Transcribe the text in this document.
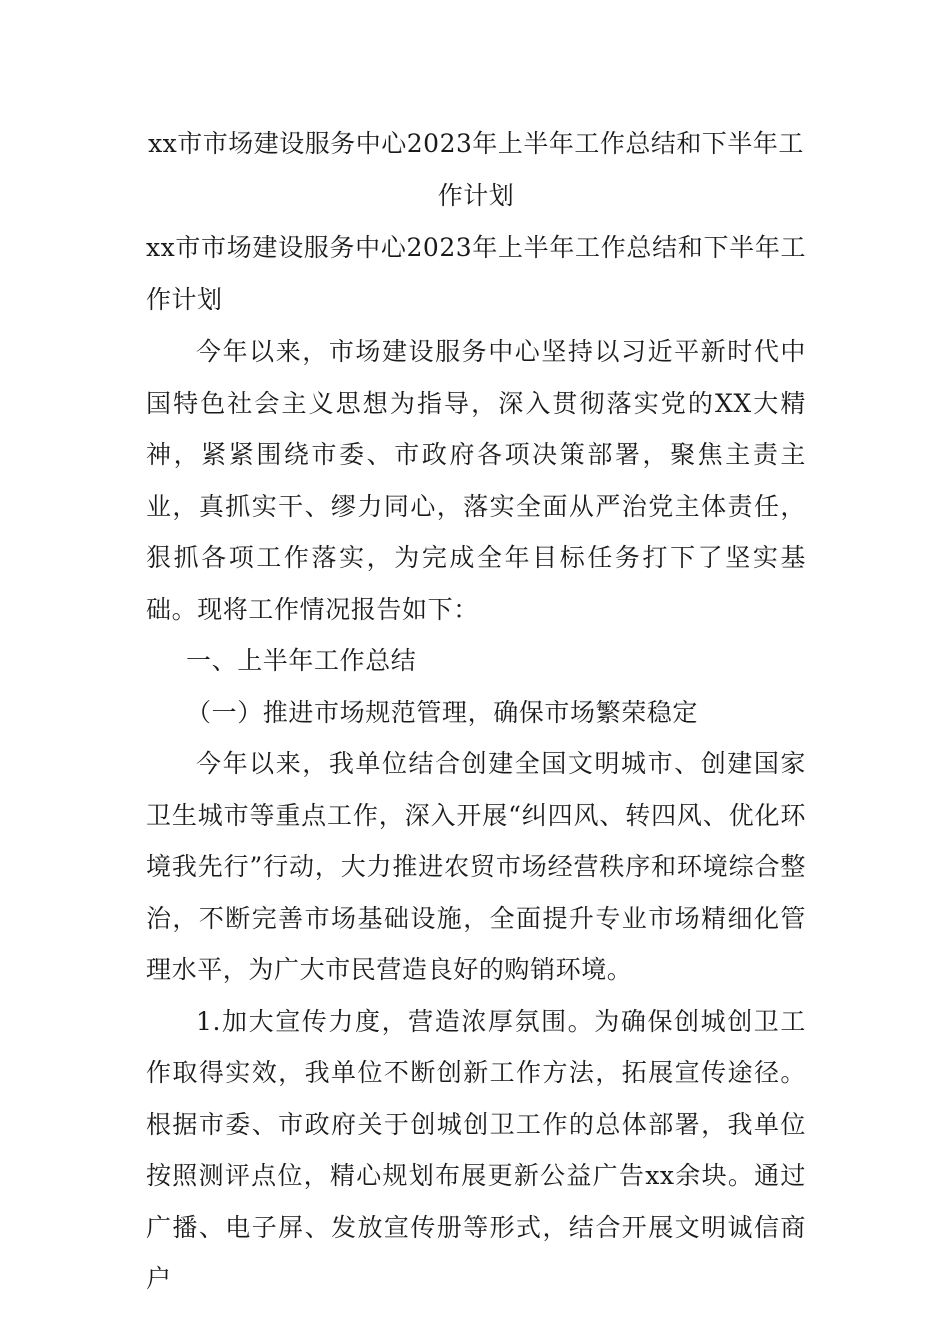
xx市市场建设服务中心2023年上半年工作总结和下半年工作计划
xx市市场建设服务中心2023年上半年工作总结和下半年工作计划

今年以来，市场建设服务中心坚持以习近平新时代中国特色社会主义思想为指导，深入贯彻落实党的XX大精神，紧紧围绕市委、市政府各项决策部署，聚焦主责主业，真抓实干、缪力同心，落实全面从严治党主体责任，狠抓各项工作落实，为完成全年目标任务打下了坚实基础。现将工作情况报告如下：

一、上半年工作总结

（一）推进市场规范管理，确保市场繁荣稳定

今年以来，我单位结合创建全国文明城市、创建国家卫生城市等重点工作，深入开展“纠四风、转四风、优化环境我先行”行动，大力推进农贸市场经营秩序和环境综合整治，不断完善市场基础设施，全面提升专业市场精细化管理水平，为广大市民营造良好的购销环境。

1.加大宣传力度，营造浓厚氛围。为确保创城创卫工作取得实效，我单位不断创新工作方法，拓展宣传途径。根据市委、市政府关于创城创卫工作的总体部署，我单位按照测评点位，精心规划布展更新公益广告xx余块。通过广播、电子屏、发放宣传册等形式，结合开展文明诚信商户
